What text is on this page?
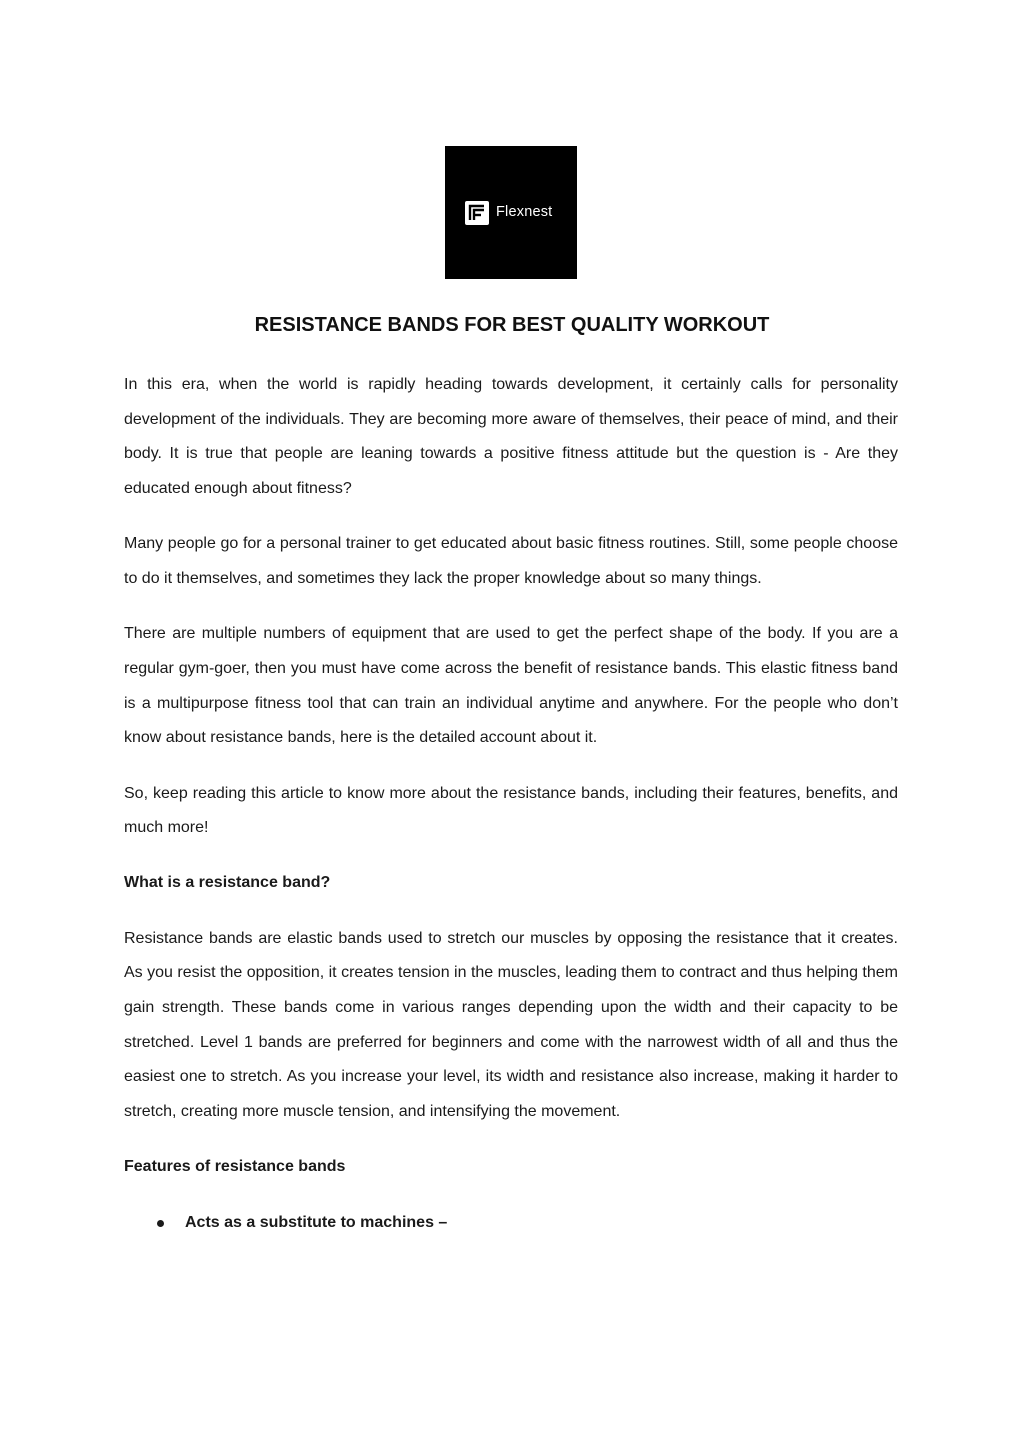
Flexnest
RESISTANCE BANDS FOR BEST QUALITY WORKOUT

In this era, when the world is rapidly heading towards development, it certainly calls for personality development of the individuals. They are becoming more aware of themselves, their peace of mind, and their body. It is true that people are leaning towards a positive fitness attitude but the question is - Are they educated enough about fitness?

Many people go for a personal trainer to get educated about basic fitness routines. Still, some people choose to do it themselves, and sometimes they lack the proper knowledge about so many things.

There are multiple numbers of equipment that are used to get the perfect shape of the body. If you are a regular gym-goer, then you must have come across the benefit of resistance bands. This elastic fitness band is a multipurpose fitness tool that can train an individual anytime and anywhere. For the people who don’t know about resistance bands, here is the detailed account about it.

So, keep reading this article to know more about the resistance bands, including their features, benefits, and much more!

What is a resistance band?

Resistance bands are elastic bands used to stretch our muscles by opposing the resistance that it creates. As you resist the opposition, it creates tension in the muscles, leading them to contract and thus helping them gain strength. These bands come in various ranges depending upon the width and their capacity to be stretched. Level 1 bands are preferred for beginners and come with the narrowest width of all and thus the easiest one to stretch. As you increase your level, its width and resistance also increase, making it harder to stretch, creating more muscle tension, and intensifying the movement.

Features of resistance bands
Acts as a substitute to machines –
